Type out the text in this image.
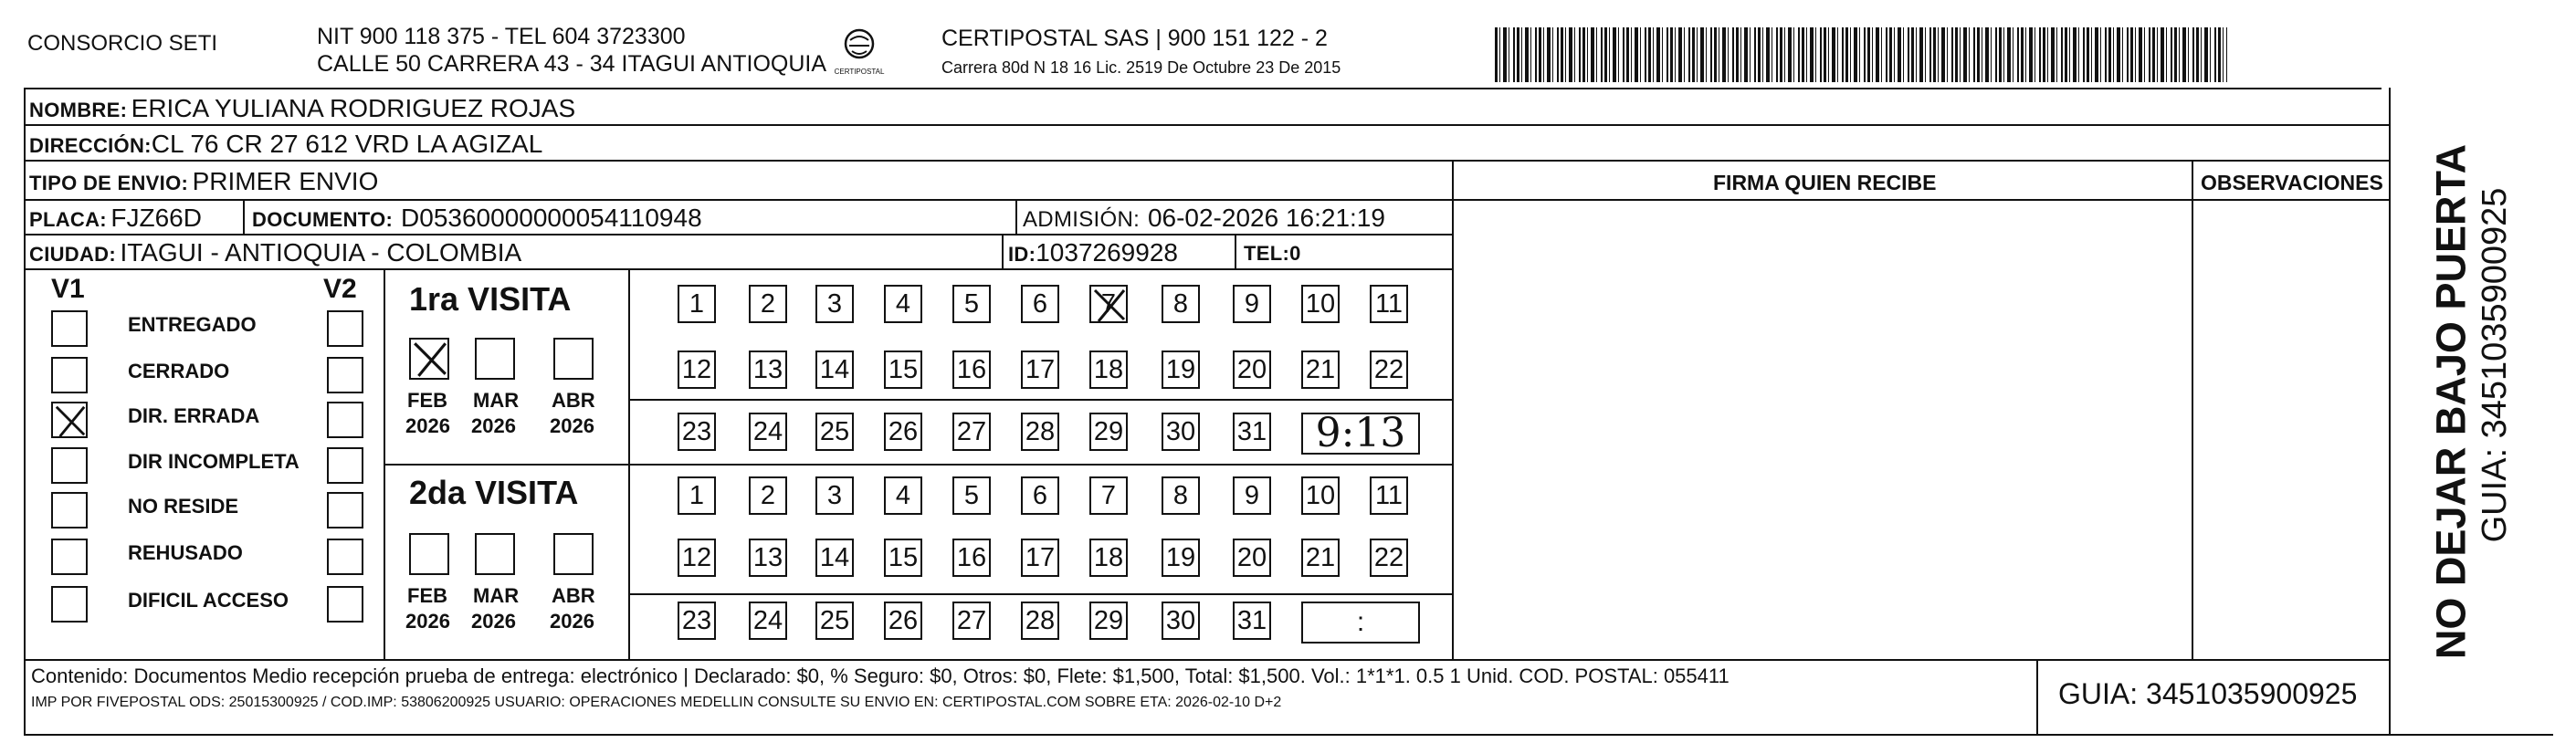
CONSORCIO SETI	NIT 900 118 375 - TEL 604 3723300
CALLE 50 CARRERA 43 - 34 ITAGUI ANTIOQUIA	CERTIPOSTAL
CERTIPOSTAL SAS | 900 151 122 - 2
Carrera 80d N 18 16 Lic. 2519 De Octubre 23 De 2015
NOMBRE: ERICA YULIANA RODRIGUEZ ROJAS
DIRECCIÓN:CL 76 CR 27 612 VRD LA AGIZAL
TIPO DE ENVIO: PRIMER ENVIO
PLACA: FJZ66D	DOCUMENTO: D05360000000054110948	ADMISIÓN: 06-02-2026 16:21:19
CIUDAD: ITAGUI - ANTIOQUIA - COLOMBIA	ID:1037269928	TEL:0
FIRMA QUIEN RECIBE	OBSERVACIONES
V1	V2
ENTREGADO
CERRADO
DIR. ERRADA
DIR INCOMPLETA
NO RESIDE
REHUSADO
DIFICIL ACCESO
1ra VISITA
2da VISITA
FEB
2026
MAR
2026
ABR
2026
FEB
2026
MAR
2026
ABR
2026
1	2	3	4	5	6	7	8	9	10 11
12 13 14 15 16 17 18 19 20 21 22
23 24 25 26 27 28 29 30 31	9:13
1	2	3	4	5	6	7	8	9	10 11
12 13 14 15 16 17 18 19 20 21 22
23 24 25 26 27 28 29 30 31	:
Contenido: Documentos Medio recepción prueba de entrega: electrónico | Declarado: $0, % Seguro: $0, Otros: $0, Flete: $1,500, Total: $1,500. Vol.: 1*1*1. 0.5 1 Unid. COD. POSTAL: 055411
IMP POR FIVEPOSTAL ODS: 25015300925 / COD.IMP: 53806200925 USUARIO: OPERACIONES MEDELLIN CONSULTE SU ENVIO EN: CERTIPOSTAL.COM SOBRE ETA: 2026-02-10 D+2	GUIA: 3451035900925
NO DEJAR BAJO PUERTA GUIA: 3451035900925
